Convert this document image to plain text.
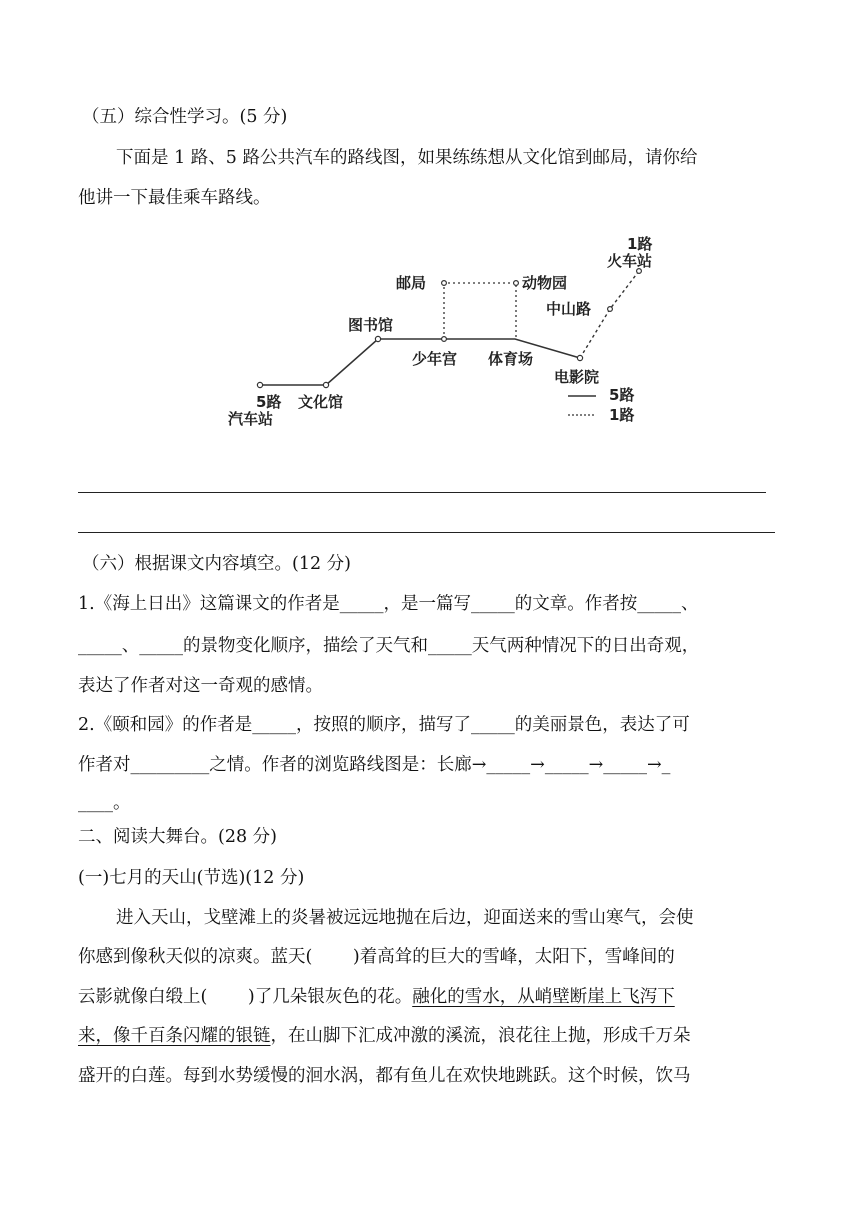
（五）综合性学习。(5 分)
下面是 1 路、5 路公共汽车的路线图，如果练练想从文化馆到邮局，请你给
他讲一下最佳乘车路线。
5路
汽车站
文化馆
图书馆
邮局	动物园
少年宫 体育场
电影院
中山路
1路
火车站
5路
1路
（六）根据课文内容填空。(12 分)
1.《海上日出》这篇课文的作者是_____，是一篇写_____的文章。作者按_____、
_____、_____的景物变化顺序，描绘了天气和_____天气两种情况下的日出奇观，
表达了作者对这一奇观的感情。
2.《颐和园》的作者是_____，按照的顺序，描写了_____的美丽景色，表达了可
作者对_________之情。作者的浏览路线图是：长廊→_____→_____→_____→_
____。
二、阅读大舞台。(28 分)
(一)七月的天山(节选)(12 分)
进入天山，戈壁滩上的炎暑被远远地抛在后边，迎面送来的雪山寒气，会使
你感到像秋天似的凉爽。蓝天(　　 )着高耸的巨大的雪峰，太阳下，雪峰间的
云影就像白缎上(　　 )了几朵银灰色的花。融化的雪水，从峭壁断崖上飞泻下
来，像千百条闪耀的银链，在山脚下汇成冲激的溪流，浪花往上抛，形成千万朵
盛开的白莲。每到水势缓慢的洄水涡，都有鱼儿在欢快地跳跃。这个时候，饮马
